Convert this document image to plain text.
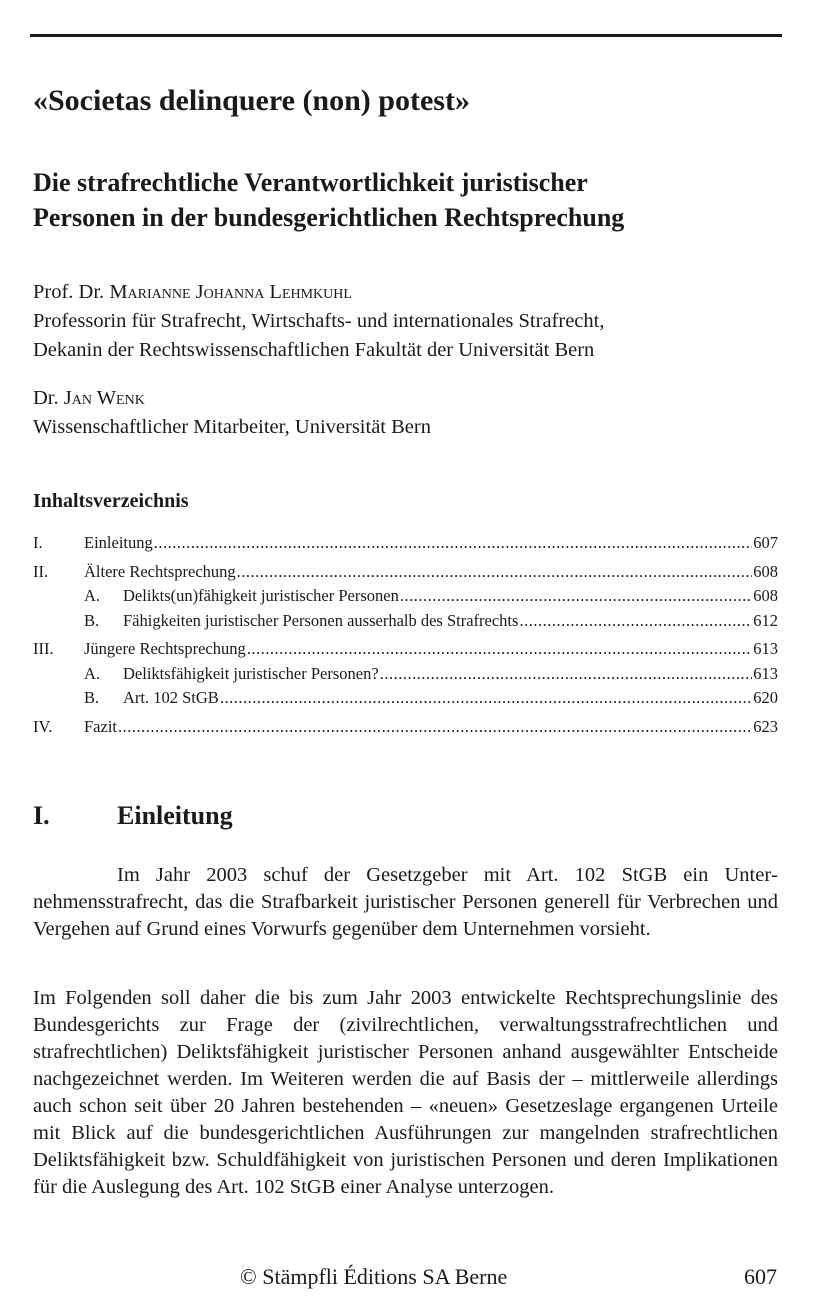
«Societas delinquere (non) potest»
Die strafrechtliche Verantwortlichkeit juristischer
Personen in der bundesgerichtlichen Rechtsprechung
Prof. Dr. Marianne Johanna Lehmkuhl
Professorin für Strafrecht, Wirtschafts- und internationales Strafrecht,
Dekanin der Rechtswissenschaftlichen Fakultät der Universität Bern
Dr. Jan Wenk
Wissenschaftlicher Mitarbeiter, Universität Bern
Inhaltsverzeichnis
I.	Einleitung .....	607
II.	Ältere Rechtsprechung .....	608
A.	Delikts(un)fähigkeit juristischer Personen .....	608
B.	Fähigkeiten juristischer Personen ausserhalb des Strafrechts .....	612
III.	Jüngere Rechtsprechung .....	613
A.	Deliktsfähigkeit juristischer Personen? .....	613
B.	Art. 102 StGB .....	620
IV.	Fazit .....	623
I.	Einleitung

Im Jahr 2003 schuf der Gesetzgeber mit Art. 102 StGB ein Unternehmensstrafrecht, das die Strafbarkeit juristischer Personen generell für Verbrechen und Vergehen auf Grund eines Vorwurfs gegenüber dem Unternehmen vorsieht.

Im Folgenden soll daher die bis zum Jahr 2003 entwickelte Rechtsprechungslinie des Bundesgerichts zur Frage der (zivilrechtlichen, verwaltungsstrafrechtlichen und strafrechtlichen) Deliktsfähigkeit juristischer Personen anhand ausgewählter Entscheide nachgezeichnet werden. Im Weiteren werden die auf Basis der – mittlerweile allerdings auch schon seit über 20 Jahren bestehenden – «neuen» Gesetzeslage ergangenen Urteile mit Blick auf die bundesgerichtlichen Ausführungen zur mangelnden strafrechtlichen Deliktsfähigkeit bzw. Schuldfähigkeit von juristischen Personen und deren Implikationen für die Auslegung des Art. 102 StGB einer Analyse unterzogen.

© Stämpfli Éditions SA Berne	607
